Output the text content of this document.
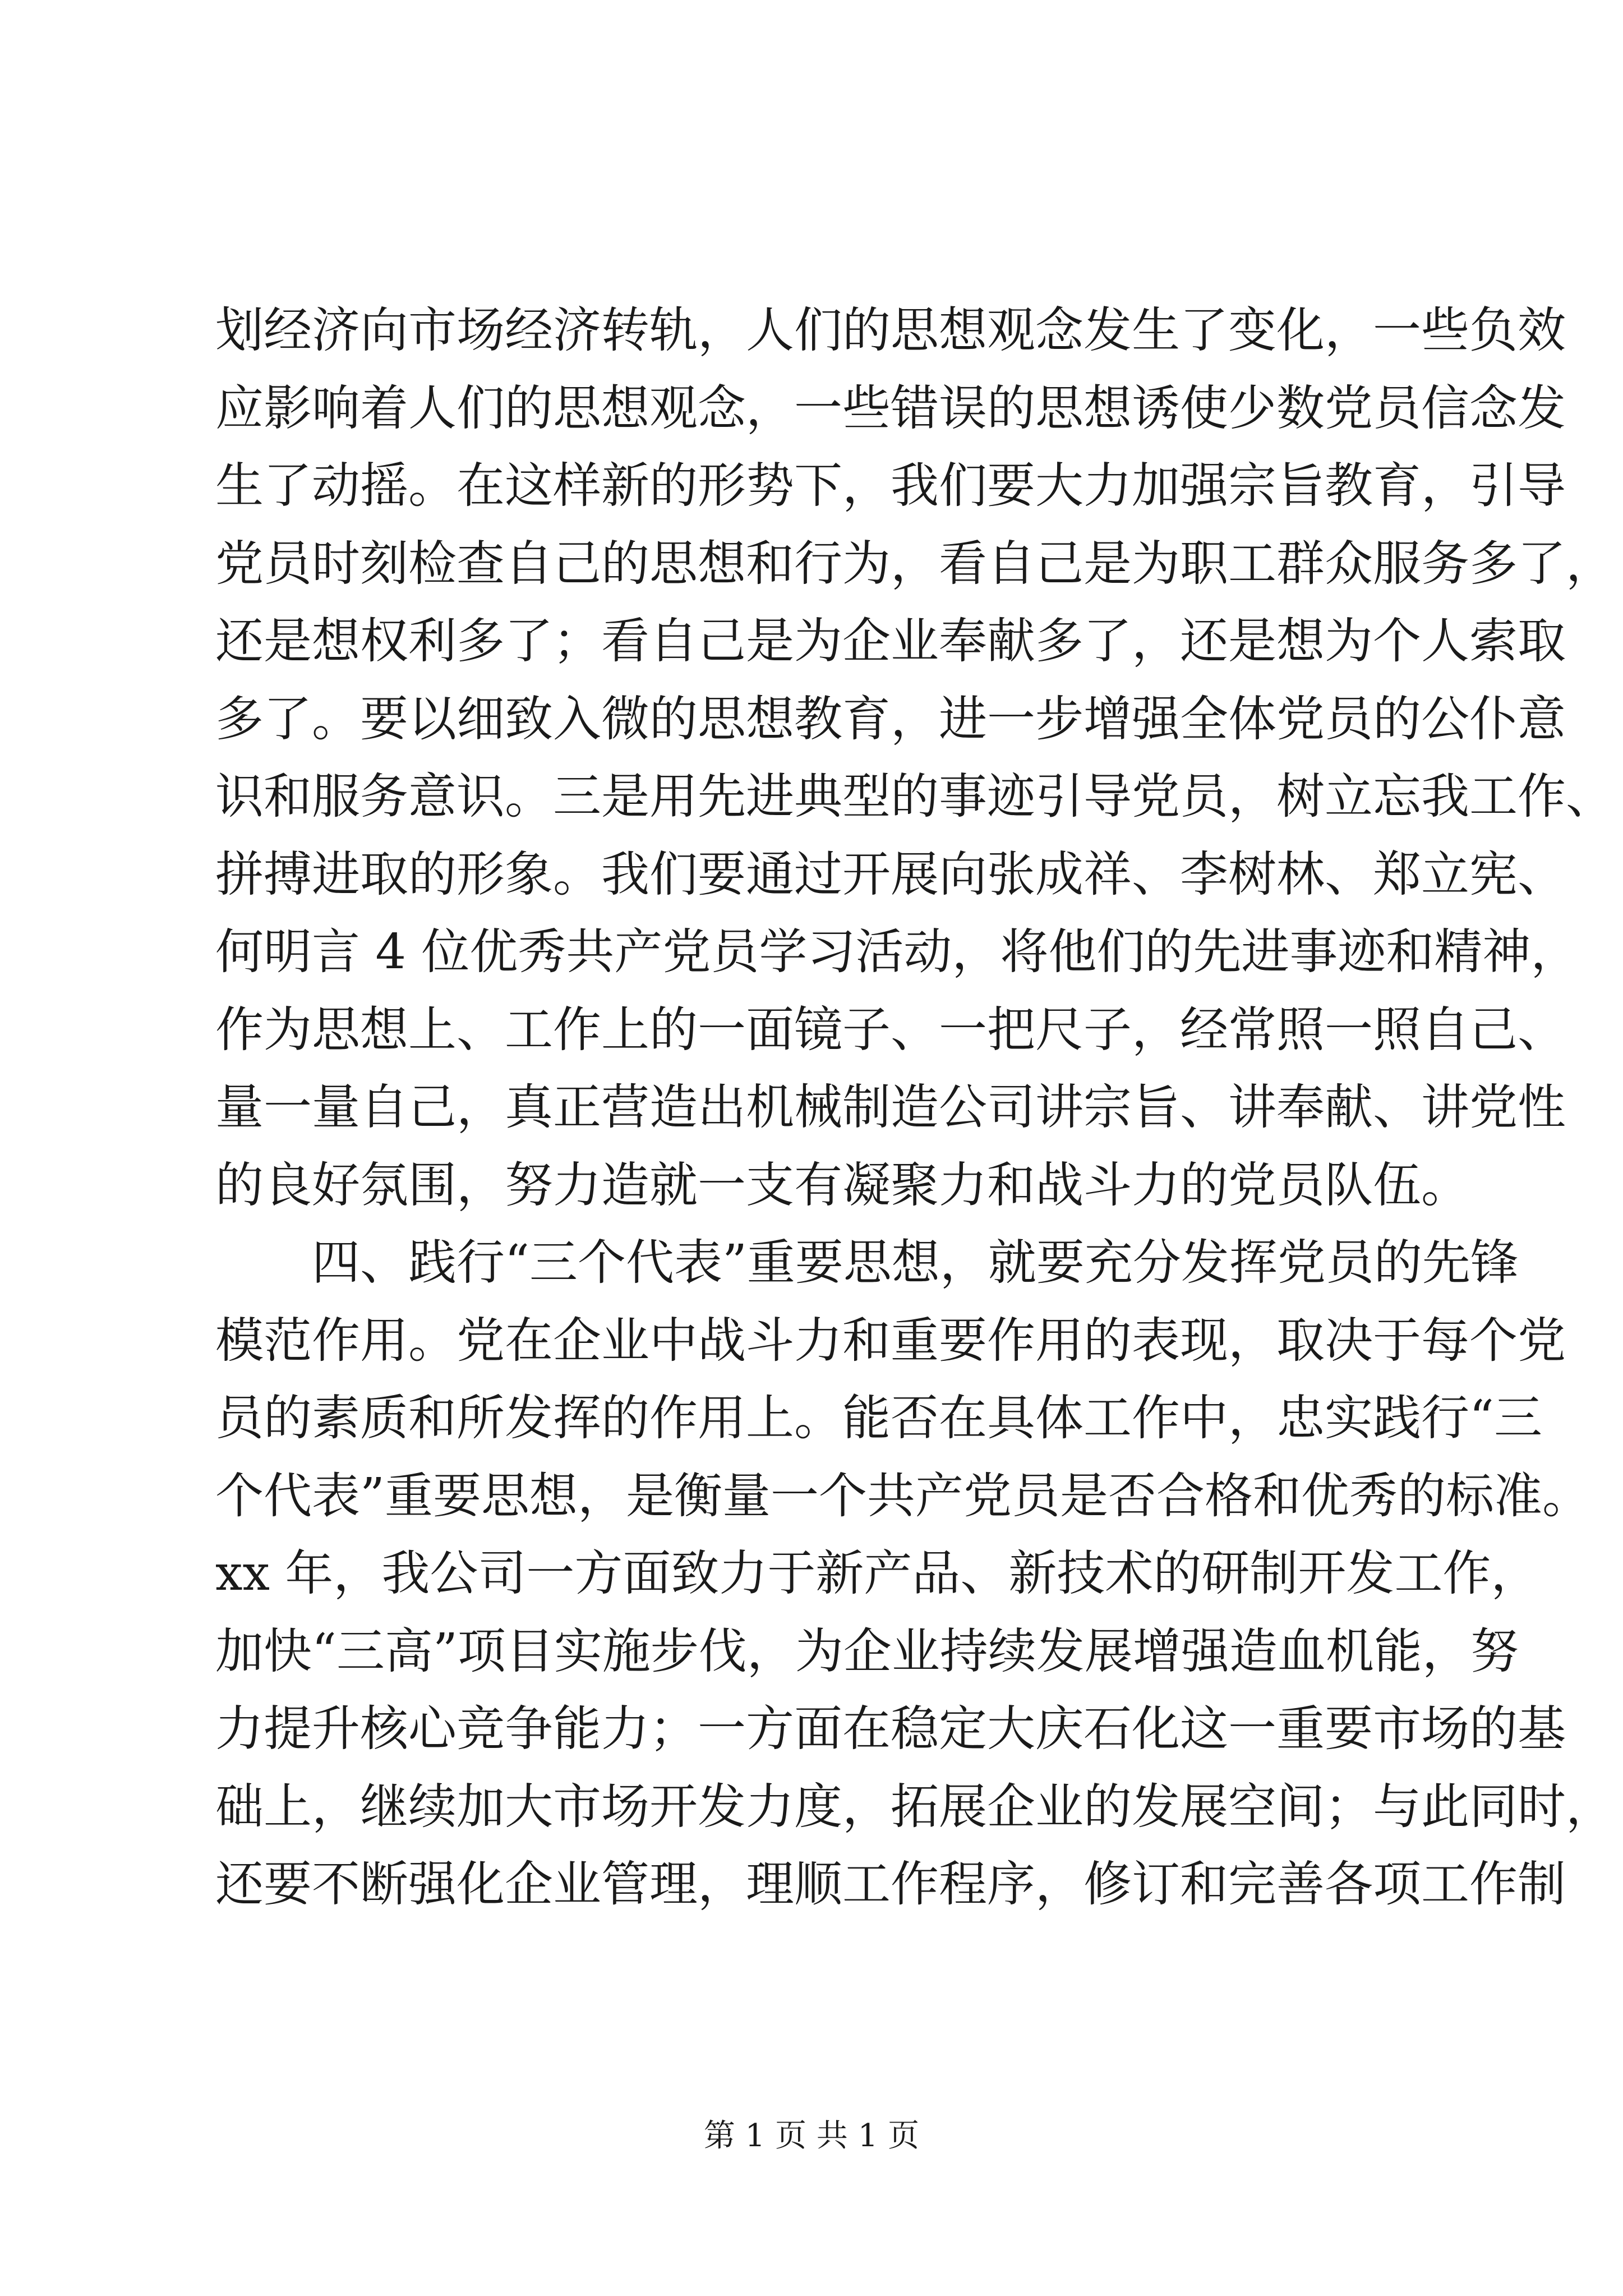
划经济向市场经济转轨，人们的思想观念发生了变化，一些负效
应影响着人们的思想观念，一些错误的思想诱使少数党员信念发
生了动摇。在这样新的形势下，我们要大力加强宗旨教育，引导
党员时刻检查自己的思想和行为，看自己是为职工群众服务多了，
还是想权利多了；看自己是为企业奉献多了，还是想为个人索取
多了。要以细致入微的思想教育，进一步增强全体党员的公仆意
识和服务意识。三是用先进典型的事迹引导党员，树立忘我工作、
拼搏进取的形象。我们要通过开展向张成祥、李树林、郑立宪、
何明言 4 位优秀共产党员学习活动，将他们的先进事迹和精神，
作为思想上、工作上的一面镜子、一把尺子，经常照一照自己、
量一量自己，真正营造出机械制造公司讲宗旨、讲奉献、讲党性
的良好氛围，努力造就一支有凝聚力和战斗力的党员队伍。
四、践行“三个代表”重要思想，就要充分发挥党员的先锋
模范作用。党在企业中战斗力和重要作用的表现，取决于每个党
员的素质和所发挥的作用上。能否在具体工作中，忠实践行“三
个代表”重要思想，是衡量一个共产党员是否合格和优秀的标准。
xx 年，我公司一方面致力于新产品、新技术的研制开发工作，
加快“三高”项目实施步伐，为企业持续发展增强造血机能，努
力提升核心竞争能力；一方面在稳定大庆石化这一重要市场的基
础上，继续加大市场开发力度，拓展企业的发展空间；与此同时，
还要不断强化企业管理，理顺工作程序，修订和完善各项工作制
第 1 页 共 1 页
